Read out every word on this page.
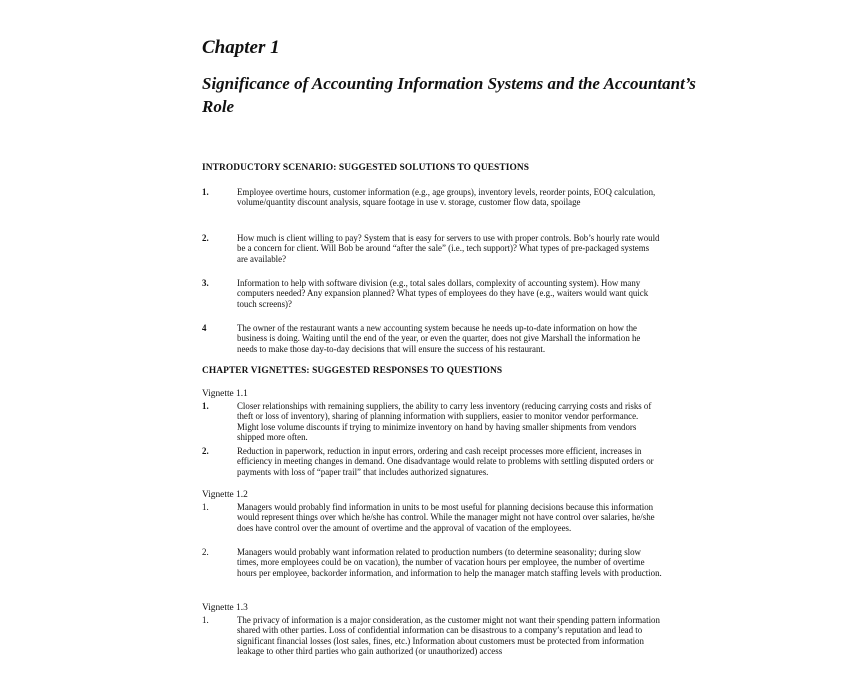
Chapter 1
Significance of Accounting Information Systems and the Accountant’s Role
INTRODUCTORY SCENARIO: SUGGESTED SOLUTIONS TO QUESTIONS
1.	Employee overtime hours, customer information (e.g., age groups), inventory levels, reorder points, EOQ calculation, volume/quantity discount analysis, square footage in use v. storage, customer flow data, spoilage
2.	How much is client willing to pay? System that is easy for servers to use with proper controls. Bob’s hourly rate would be a concern for client. Will Bob be around “after the sale” (i.e., tech support)? What types of pre-packaged systems are available?
3.	Information to help with software division (e.g., total sales dollars, complexity of accounting system). How many computers needed? Any expansion planned? What types of employees do they have (e.g., waiters would want quick touch screens)?
4	The owner of the restaurant wants a new accounting system because he needs up-to-date information on how the business is doing. Waiting until the end of the year, or even the quarter, does not give Marshall the information he needs to make those day-to-day decisions that will ensure the success of his restaurant.
CHAPTER VIGNETTES: SUGGESTED RESPONSES TO QUESTIONS
Vignette 1.1
1.	Closer relationships with remaining suppliers, the ability to carry less inventory (reducing carrying costs and risks of theft or loss of inventory), sharing of planning information with suppliers, easier to monitor vendor performance. Might lose volume discounts if trying to minimize inventory on hand by having smaller shipments from vendors shipped more often.
2.	Reduction in paperwork, reduction in input errors, ordering and cash receipt processes more efficient, increases in efficiency in meeting changes in demand. One disadvantage would relate to problems with settling disputed orders or payments with loss of “paper trail” that includes authorized signatures.
Vignette 1.2
1.	Managers would probably find information in units to be most useful for planning decisions because this information would represent things over which he/she has control. While the manager might not have control over salaries, he/she does have control over the amount of overtime and the approval of vacation of the employees.
2.	Managers would probably want information related to production numbers (to determine seasonality; during slow times, more employees could be on vacation), the number of vacation hours per employee, the number of overtime hours per employee, backorder information, and information to help the manager match staffing levels with production.
Vignette 1.3
1.	The privacy of information is a major consideration, as the customer might not want their spending pattern information shared with other parties. Loss of confidential information can be disastrous to a company’s reputation and lead to significant financial losses (lost sales, fines, etc.) Information about customers must be protected from information leakage to other third parties who gain authorized (or unauthorized) access
